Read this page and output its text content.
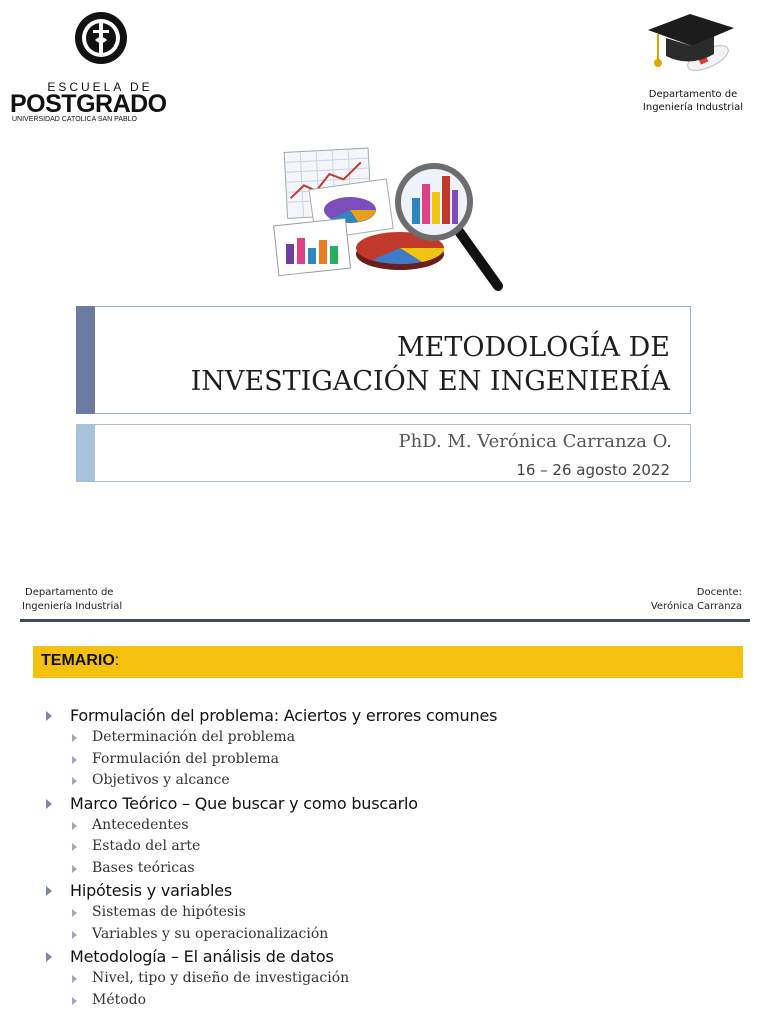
ESCUELA DE
POSTGRADO
UNIVERSIDAD CATÓLICA SAN PABLO
Departamento de
Ingeniería Industrial
METODOLOGÍA DE
INVESTIGACIÓN EN INGENIERÍA
PhD. M. Verónica Carranza O.
16 – 26 agosto 2022
Departamento de
Ingeniería Industrial
Docente:
Verónica Carranza
TEMARIO:
Formulación del problema: Aciertos y errores comunes
Determinación del problema
Formulación del problema
Objetivos y alcance
Marco Teórico – Que buscar y como buscarlo
Antecedentes
Estado del arte
Bases teóricas
Hipótesis y variables
Sistemas de hipótesis
Variables y su operacionalización
Metodología – El análisis de datos
Nivel, tipo y diseño de investigación
Método
